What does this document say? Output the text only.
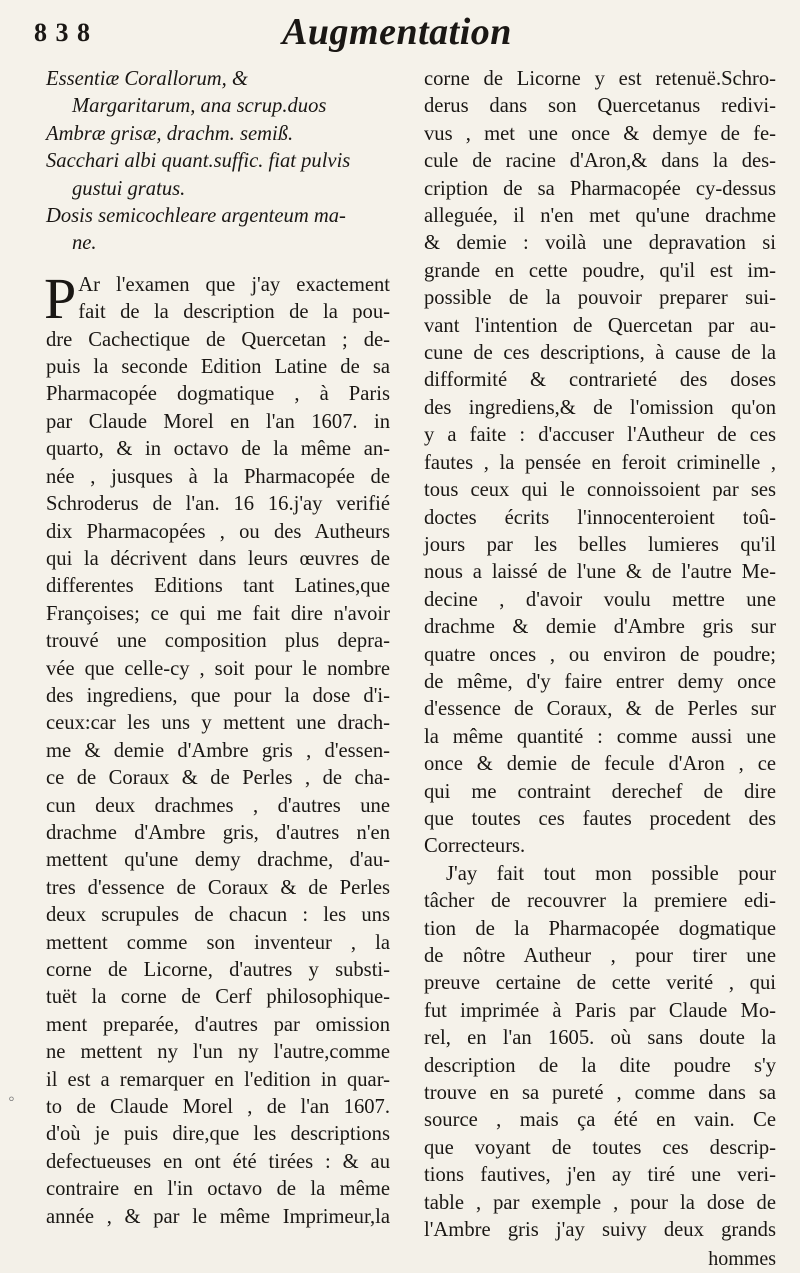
8 3 8	Augmentation
Essentiæ Corallorum, &
Margaritarum, ana scrup.duos
Ambræ grisæ, drachm. semiß.
Sacchari albi quant.suffic. fiat pulvis
gustui gratus.
Dosis semicochleare argenteum ma-
ne.
P Ar l'examen que j'ay exactement
fait de la description de la pou-
dre Cachectique de Quercetan ; de-
puis la seconde Edition Latine de sa
Pharmacopée dogmatique , à Paris
par Claude Morel en l'an 1607. in
quarto, & in octavo de la même an-
née , jusques à la Pharmacopée de
Schroderus de l'an. 16 16.j'ay verifié
dix Pharmacopées , ou des Autheurs
qui la décrivent dans leurs œuvres de
differentes Editions tant Latines,que
Françoises; ce qui me fait dire n'avoir
trouvé une composition plus depra-
vée que celle-cy , soit pour le nombre
des ingrediens, que pour la dose d'i-
ceux:car les uns y mettent une drach-
me & demie d'Ambre gris , d'essen-
ce de Coraux & de Perles , de cha-
cun deux drachmes , d'autres une
drachme d'Ambre gris, d'autres n'en
mettent qu'une demy drachme, d'au-
tres d'essence de Coraux & de Perles
deux scrupules de chacun : les uns
mettent comme son inventeur , la
corne de Licorne, d'autres y substi-
tuët la corne de Cerf philosophique-
ment preparée, d'autres par omission
ne mettent ny l'un ny l'autre,comme
il est a remarquer en l'edition in quar-
to de Claude Morel , de l'an 1607.
d'où je puis dire,que les descriptions
defectueuses en ont été tirées : & au
contraire en l'in octavo de la même
année , & par le même Imprimeur,la
corne de Licorne y est retenuë.Schro-
derus dans son Quercetanus redivi-
vus , met une once & demye de fe-
cule de racine d'Aron,& dans la des-
cription de sa Pharmacopée cy-dessus
alleguée, il n'en met qu'une drachme
& demie : voilà une depravation si
grande en cette poudre, qu'il est im-
possible de la pouvoir preparer sui-
vant l'intention de Quercetan par au-
cune de ces descriptions, à cause de la
difformité & contrarieté des doses
des ingrediens,& de l'omission qu'on
y a faite : d'accuser l'Autheur de ces
fautes , la pensée en feroit criminelle ,
tous ceux qui le connoissoient par ses
doctes écrits l'innocenteroient toû-
jours par les belles lumieres qu'il
nous a laissé de l'une & de l'autre Me-
decine , d'avoir voulu mettre une
drachme & demie d'Ambre gris sur
quatre onces , ou environ de poudre;
de même, d'y faire entrer demy once
d'essence de Coraux, & de Perles sur
la même quantité : comme aussi une
once & demie de fecule d'Aron , ce
qui me contraint derechef de dire
que toutes ces fautes procedent des
Correcteurs.
J'ay fait tout mon possible pour
tâcher de recouvrer la premiere edi-
tion de la Pharmacopée dogmatique
de nôtre Autheur , pour tirer une
preuve certaine de cette verité , qui
fut imprimée à Paris par Claude Mo-
rel, en l'an 1605. où sans doute la
description de la dite poudre s'y
trouve en sa pureté , comme dans sa
source , mais ça été en vain. Ce
que voyant de toutes ces descrip-
tions fautives, j'en ay tiré une veri-
table , par exemple , pour la dose de
l'Ambre gris j'ay suivy deux grands
hommes
⸰
